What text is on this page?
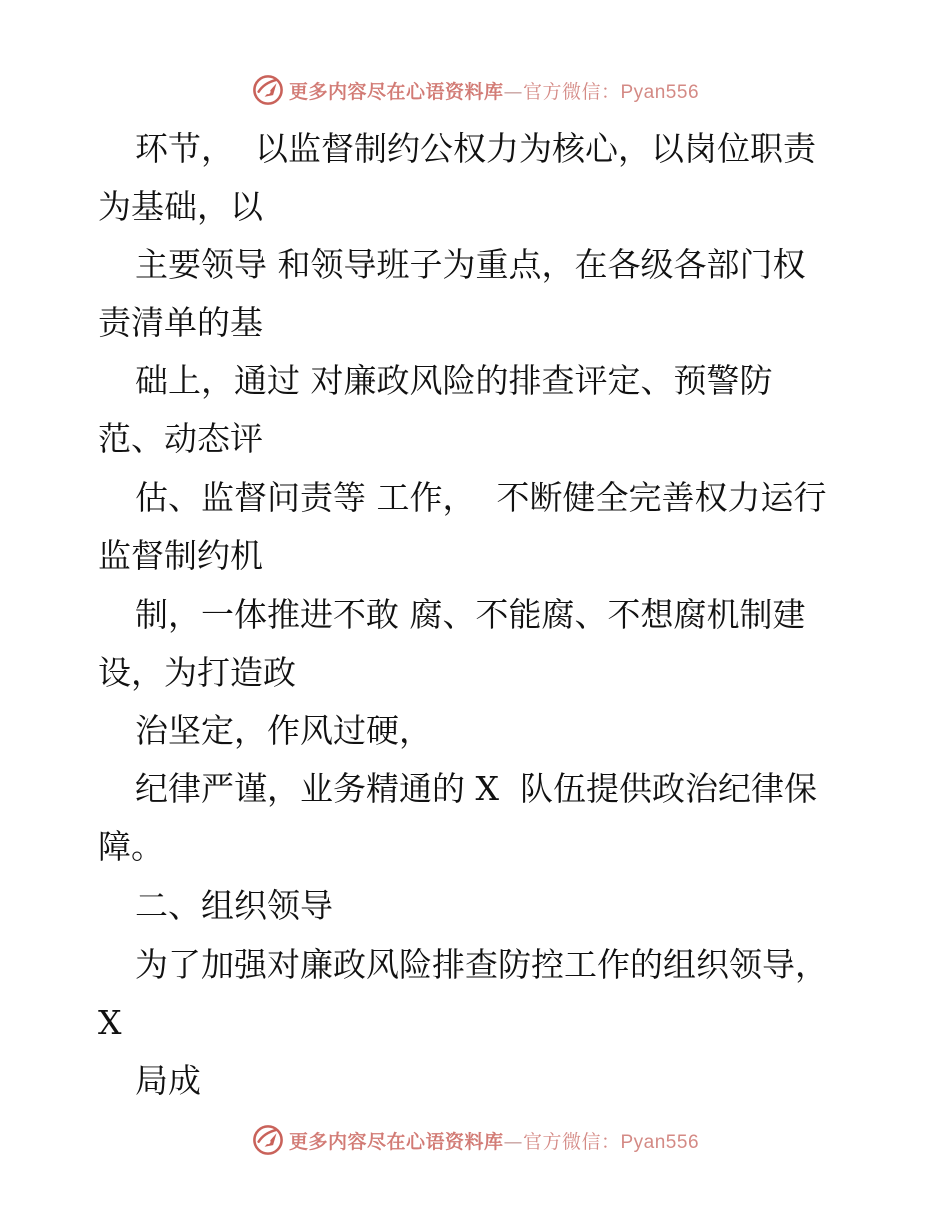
更多内容尽在心语资料库—官方微信：Pyan556
环节，  以监督制约公权力为核心，以岗位职责
为基础，以
主要领导 和领导班子为重点，在各级各部门权
责清单的基
础上，通过 对廉政风险的排查评定、预警防
范、动态评
估、监督问责等 工作，  不断健全完善权力运行
监督制约机
制，一体推进不敢 腐、不能腐、不想腐机制建
设，为打造政
治坚定，作风过硬，
纪律严谨，业务精通的 X  队伍提供政治纪律保
障。
二、组织领导
为了加强对廉政风险排查防控工作的组织领导，
X
局成
更多内容尽在心语资料库—官方微信：Pyan556
